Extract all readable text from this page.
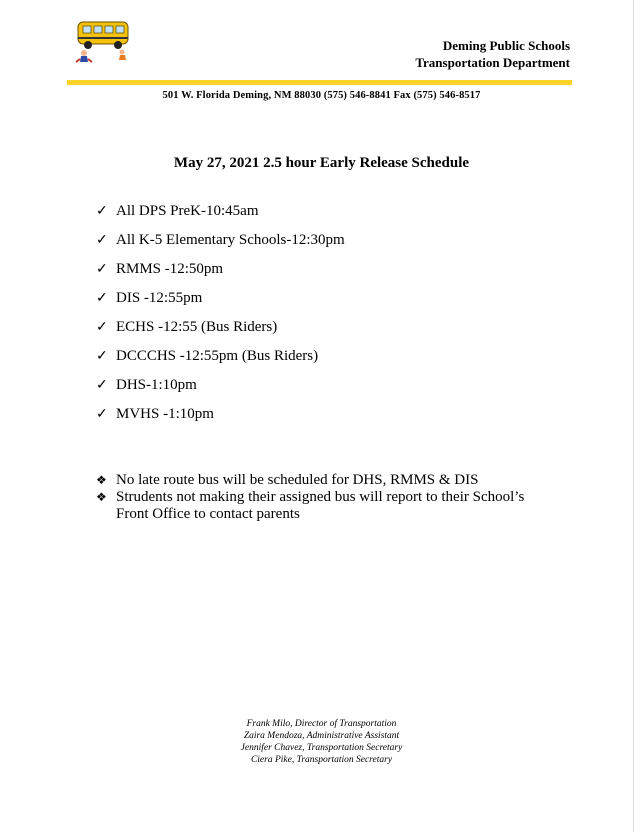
Deming Public Schools
Transportation Department
501 W. Florida Deming, NM 88030 (575) 546-8841 Fax (575) 546-8517
May 27, 2021 2.5 hour Early Release Schedule
✓ All DPS PreK-10:45am
✓ All K-5 Elementary Schools-12:30pm
✓ RMMS -12:50pm
✓ DIS -12:55pm
✓ ECHS -12:55 (Bus Riders)
✓ DCCCHS -12:55pm (Bus Riders)
✓ DHS-1:10pm
✓ MVHS -1:10pm
❖ No late route bus will be scheduled for DHS, RMMS & DIS
❖ Strudents not making their assigned bus will report to their School’s Front Office to contact parents
Frank Milo, Director of Transportation
Zaira Mendoza, Administrative Assistant
Jennifer Chavez, Transportation Secretary
Ciera Pike, Transportation Secretary
